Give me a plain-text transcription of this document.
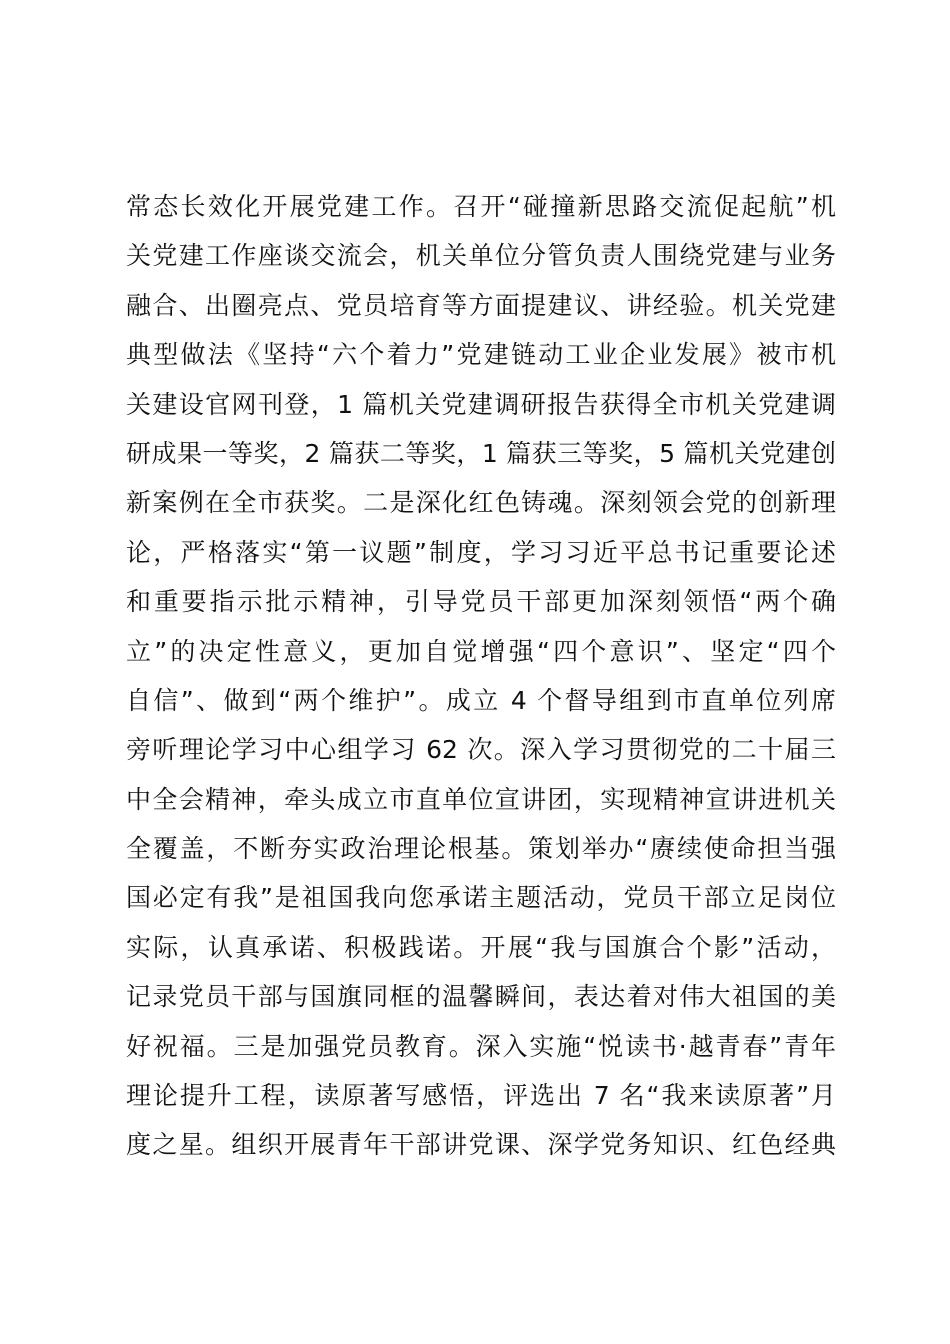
常态长效化开展党建工作。召开“碰撞新思路交流促起航”机
关党建工作座谈交流会，机关单位分管负责人围绕党建与业务
融合、出圈亮点、党员培育等方面提建议、讲经验。机关党建
典型做法《坚持“六个着力”党建链动工业企业发展》被市机
关建设官网刊登，1 篇机关党建调研报告获得全市机关党建调
研成果一等奖，2 篇获二等奖，1 篇获三等奖，5 篇机关党建创
新案例在全市获奖。二是深化红色铸魂。深刻领会党的创新理
论，严格落实“第一议题”制度，学习习近平总书记重要论述
和重要指示批示精神，引导党员干部更加深刻领悟“两个确
立”的决定性意义，更加自觉增强“四个意识”、坚定“四个
自信”、做到“两个维护”。成立 4 个督导组到市直单位列席
旁听理论学习中心组学习 62 次。深入学习贯彻党的二十届三
中全会精神，牵头成立市直单位宣讲团，实现精神宣讲进机关
全覆盖，不断夯实政治理论根基。策划举办“赓续使命担当强
国必定有我”是祖国我向您承诺主题活动，党员干部立足岗位
实际，认真承诺、积极践诺。开展“我与国旗合个影”活动，
记录党员干部与国旗同框的温馨瞬间，表达着对伟大祖国的美
好祝福。三是加强党员教育。深入实施“悦读书·越青春”青年
理论提升工程，读原著写感悟，评选出 7 名“我来读原著”月
度之星。组织开展青年干部讲党课、深学党务知识、红色经典
